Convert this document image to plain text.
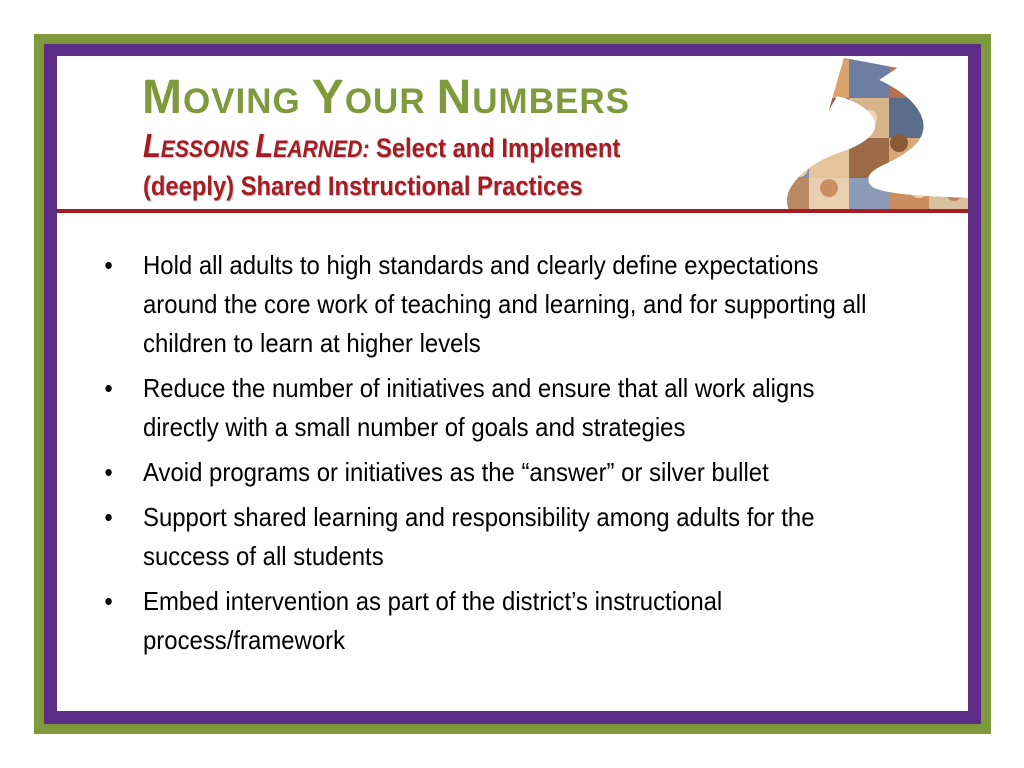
MOVING YOUR NUMBERS
LESSONS LEARNED: Select and Implement
(deeply) Shared Instructional Practices
•	Hold all adults to high standards and clearly define expectations around the core work of teaching and learning, and for supporting all children to learn at higher levels
•	Reduce the number of initiatives and ensure that all work aligns directly with a small number of goals and strategies
•	Avoid programs or initiatives as the “answer” or silver bullet
•	Support shared learning and responsibility among adults for the success of all students
•	Embed intervention as part of the district’s instructional process/framework
